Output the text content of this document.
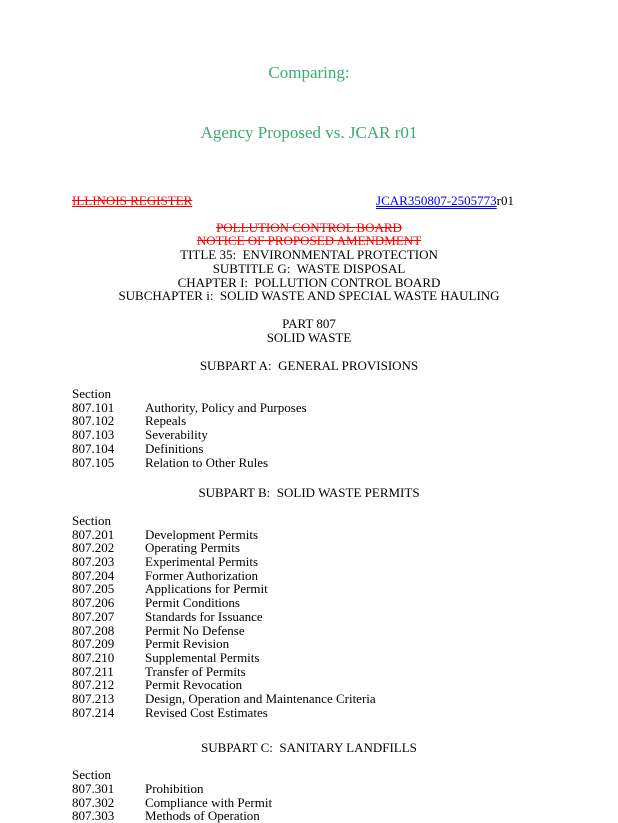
Comparing:

Agency Proposed vs. JCAR r01

ILLINOIS REGISTER	JCAR350807-2505773r01
POLLUTION CONTROL BOARD
NOTICE OF PROPOSED AMENDMENT
TITLE 35:  ENVIRONMENTAL PROTECTION
SUBTITLE G:  WASTE DISPOSAL
CHAPTER I:  POLLUTION CONTROL BOARD
SUBCHAPTER i:  SOLID WASTE AND SPECIAL WASTE HAULING
PART 807
SOLID WASTE
SUBPART A:  GENERAL PROVISIONS
Section
807.101 Authority, Policy and Purposes
807.102 Repeals
807.103 Severability
807.104 Definitions
807.105 Relation to Other Rules
SUBPART B:  SOLID WASTE PERMITS
Section
807.201 Development Permits
807.202 Operating Permits
807.203 Experimental Permits
807.204 Former Authorization
807.205 Applications for Permit
807.206 Permit Conditions
807.207 Standards for Issuance
807.208 Permit No Defense
807.209 Permit Revision
807.210 Supplemental Permits
807.211 Transfer of Permits
807.212 Permit Revocation
807.213 Design, Operation and Maintenance Criteria
807.214 Revised Cost Estimates
SUBPART C:  SANITARY LANDFILLS
Section
807.301 Prohibition
807.302 Compliance with Permit
807.303 Methods of Operation
